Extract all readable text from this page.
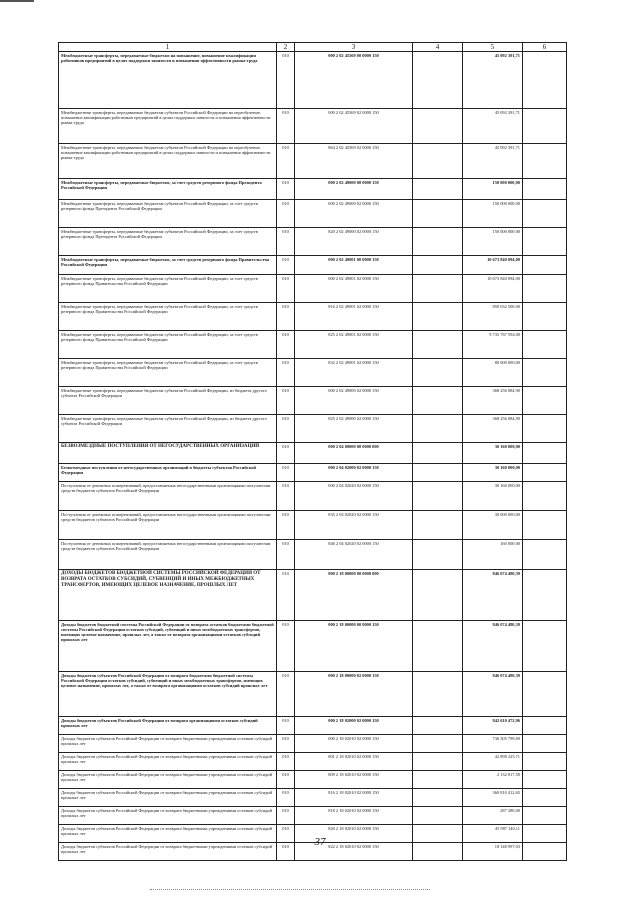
1	2	3	4	5	6
Межбюджетные трансферты, передаваемые бюджетам на повышение, повышение квалификации работников предприятий в целях поддержки занятости и повышения эффективности рынка труда	010	000 2 02 45569 00 0000 150		45 092 391,71	
Межбюджетные трансферты, передаваемые бюджетам субъектов Российской Федерации на переобучение, повышение квалификации работников предприятий в целях поддержки занятости и повышения эффективности рынка труда	010	000 2 02 45569 02 0000 150		45 092 391,71	
Межбюджетные трансферты, передаваемые бюджетам субъектов Российской Федерации на переобучение, повышение квалификации работников предприятий в целях поддержки занятости и повышения эффективности рынка труда	010	864 2 02 45569 02 0000 150		45 092 391,71	
Межбюджетные трансферты, передаваемые бюджетам, за счет средств резервного фонда Президента Российской Федерации	010	000 2 02 49000 00 0000 150		150 000 000,00	
Межбюджетные трансферты, передаваемые бюджетам субъектов Российской Федерации, за счет средств резервного фонда Президента Российской Федерации	010	000 2 02 49000 02 0000 150		150 000 000,00	
Межбюджетные трансферты, передаваемые бюджетам субъектов Российской Федерации, за счет средств резервного фонда Президента Российской Федерации	010	820 2 02 49000 02 0000 150		150 000 000,00	
Межбюджетные трансферты, передаваемые бюджетам, за счет средств резервного фонда Правительства Российской Федерации	010	000 2 02 49001 00 0000 150		10 673 840 094,00	
Межбюджетные трансферты, передаваемые бюджетам субъектов Российской Федерации, за счет средств резервного фонда Правительства Российской Федерации	010	000 2 02 49001 02 0000 150		10 673 840 094,00	
Межбюджетные трансферты, передаваемые бюджетам субъектов Российской Федерации, за счет средств резервного фонда Правительства Российской Федерации	010	816 2 02 49001 02 0000 150		858 032 500,00	
Межбюджетные трансферты, передаваемые бюджетам субъектов Российской Федерации, за счет средств резервного фонда Правительства Российской Федерации	010	825 2 02 49001 02 0000 150		9 735 767 594,00	
Межбюджетные трансферты, передаваемые бюджетам субъектов Российской Федерации, за счет средств резервного фонда Правительства Российской Федерации	010	832 2 02 49001 02 0000 150		80 000 000,00	
Межбюджетные трансферты, передаваемые бюджетам субъектов Российской Федерации, из бюджета другого субъекта Российской Федерации	010	000 2 02 49000 02 0000 150		368 256 084,90	
Межбюджетные трансферты, передаваемые бюджетам субъектов Российской Федерации, из бюджета другого субъекта Российской Федерации	010	825 2 02 49000 02 0000 150		368 256 084,90	
БЕЗВОЗМЕЗДНЫЕ ПОСТУПЛЕНИЯ ОТ НЕГОСУДАРСТВЕННЫХ ОРГАНИЗАЦИЙ	010	000 2 04 00000 00 0000 000		30 160 000,00	
Безвозмездные поступления от негосударственных организаций в бюджеты субъектов Российской Федерации	010	000 2 04 02000 02 0000 150		30 160 000,00	
Поступления от денежных пожертвований, предоставляемых негосударственными организациями получателям средств бюджетов субъектов Российской Федерации	010	000 2 04 02020 02 0000 150		30 160 000,00	
Поступления от денежных пожертвований, предоставляемых негосударственными организациями получателям средств бюджетов субъектов Российской Федерации	010	835 2 04 02020 02 0000 150		30 000 000,00	
Поступления от денежных пожертвований, предоставляемых негосударственными организациями получателям средств бюджетов субъектов Российской Федерации	010	846 2 04 02020 02 0000 150		160 000,00	
ДОХОДЫ БЮДЖЕТОВ БЮДЖЕТНОЙ СИСТЕМЫ РОССИЙСКОЙ ФЕДЕРАЦИИ ОТ ВОЗВРАТА ОСТАТКОВ СУБСИДИЙ, СУБВЕНЦИЙ И ИНЫХ МЕЖБЮДЖЕТНЫХ ТРАНСФЕРТОВ, ИМЕЮЩИХ ЦЕЛЕВОЕ НАЗНАЧЕНИЕ, ПРОШЛЫХ ЛЕТ	010	000 2 18 00000 00 0000 000		846 074 480,39	
Доходы бюджетов бюджетной системы Российской Федерации от возврата остатков бюджетами бюджетной системы Российской Федерации остатков субсидий, субвенций и иных межбюджетных трансфертов, имеющих целевое назначение, прошлых лет, а также от возврата организациями остатков субсидий прошлых лет	010	000 2 18 00000 00 0000 150		846 074 480,39	
Доходы бюджетов субъектов Российской Федерации от возврата бюджетами бюджетной системы Российской Федерации остатков субсидий, субвенций и иных межбюджетных трансфертов, имеющих целевое назначение, прошлых лет, а также от возврата организациями остатков субсидий прошлых лет	010	000 2 18 00000 02 0000 150		846 074 480,39	
Доходы бюджетов субъектов Российской Федерации от возврата организациями остатков субсидий прошлых лет	010	000 2 18 02000 02 0000 150		842 610 472,96	
Доходы бюджетов субъектов Российской Федерации от возврата бюджетными учреждениями остатков субсидий прошлых лет	010	000 2 18 02010 02 0000 150		736 305 799,69	
Доходы бюджетов субъектов Российской Федерации от возврата бюджетными учреждениями остатков субсидий прошлых лет	010	801 2 18 02010 02 0000 150		42 898 225,71	
Доходы бюджетов субъектов Российской Федерации от возврата бюджетными учреждениями остатков субсидий прошлых лет	010	809 2 18 02010 02 0000 150		2 132 817,50	
Доходы бюджетов субъектов Российской Федерации от возврата бюджетными учреждениями остатков субсидий прошлых лет	010	816 2 18 02010 02 0000 150		360 810 412,65	
Доходы бюджетов субъектов Российской Федерации от возврата бюджетными учреждениями остатков субсидий прошлых лет	010	818 2 18 02010 02 0000 150		287 280,00	
Доходы бюджетов субъектов Российской Федерации от возврата бюджетными учреждениями остатков субсидий прошлых лет	010	820 2 18 02010 02 0000 150		45 987 140,11	
Доходы бюджетов субъектов Российской Федерации от возврата бюджетными учреждениями остатков субсидий прошлых лет	010	822 2 18 02010 02 0000 150		18 148 997,03	
37
